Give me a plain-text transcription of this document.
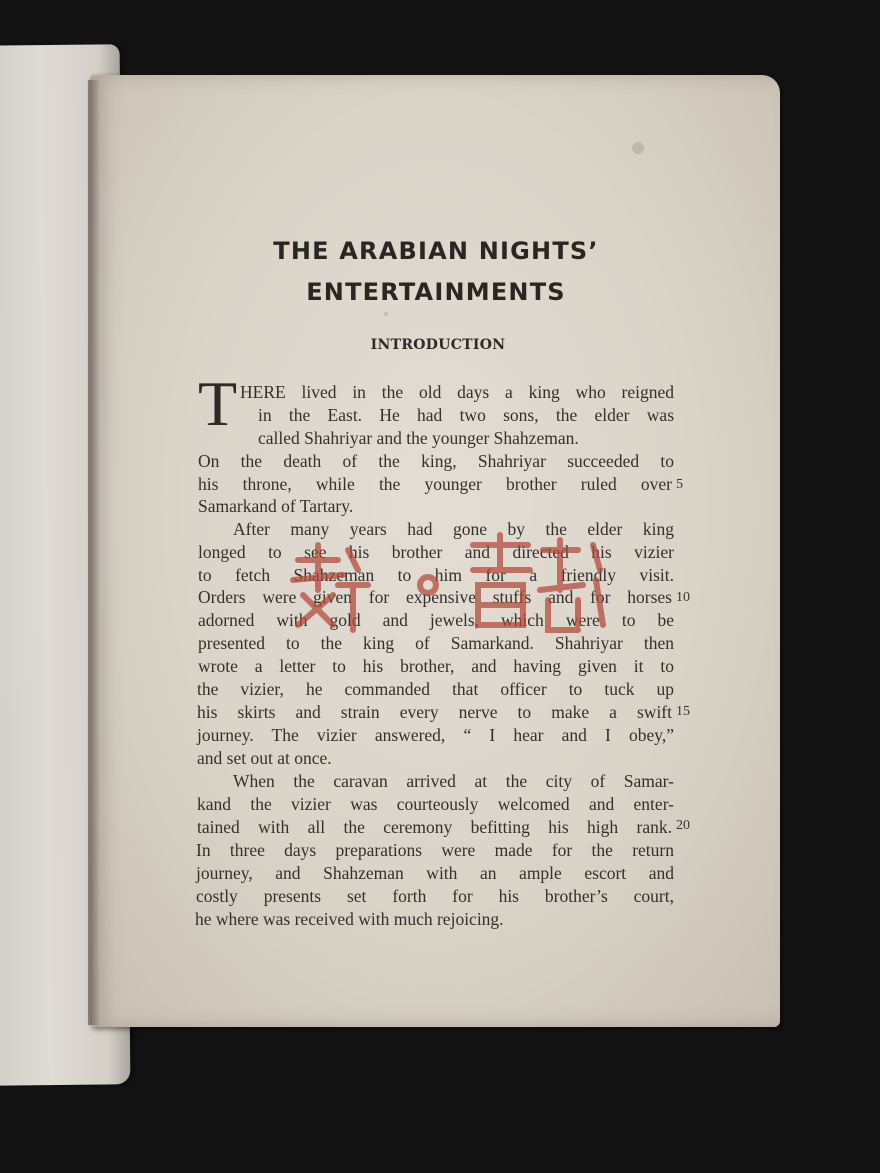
THE ARABIAN NIGHTS’
ENTERTAINMENTS
INTRODUCTION
T HERE lived in the old days a king who reigned
in the East. He had two sons, the elder was
called Shahriyar and the younger Shahzeman.
On the death of the king, Shahriyar succeeded to
his throne, while the younger brother ruled over
Samarkand of Tartary.
After many years had gone by the elder king
longed to see his brother and directed his vizier
to fetch Shahzeman to him for a friendly visit.
Orders were given for expensive stuffs and for horses
adorned with gold and jewels, which were to be
presented to the king of Samarkand. Shahriyar then
wrote a letter to his brother, and having given it to
the vizier, he commanded that officer to tuck up
his skirts and strain every nerve to make a swift
journey. The vizier answered, “ I hear and I obey,”
and set out at once.
When the caravan arrived at the city of Samar-
kand the vizier was courteously welcomed and enter-
tained with all the ceremony befitting his high rank.
In three days preparations were made for the return
journey, and Shahzeman with an ample escort and
costly presents set forth for his brother’s court,
he where was received with much rejoicing.
5
10
15
20
